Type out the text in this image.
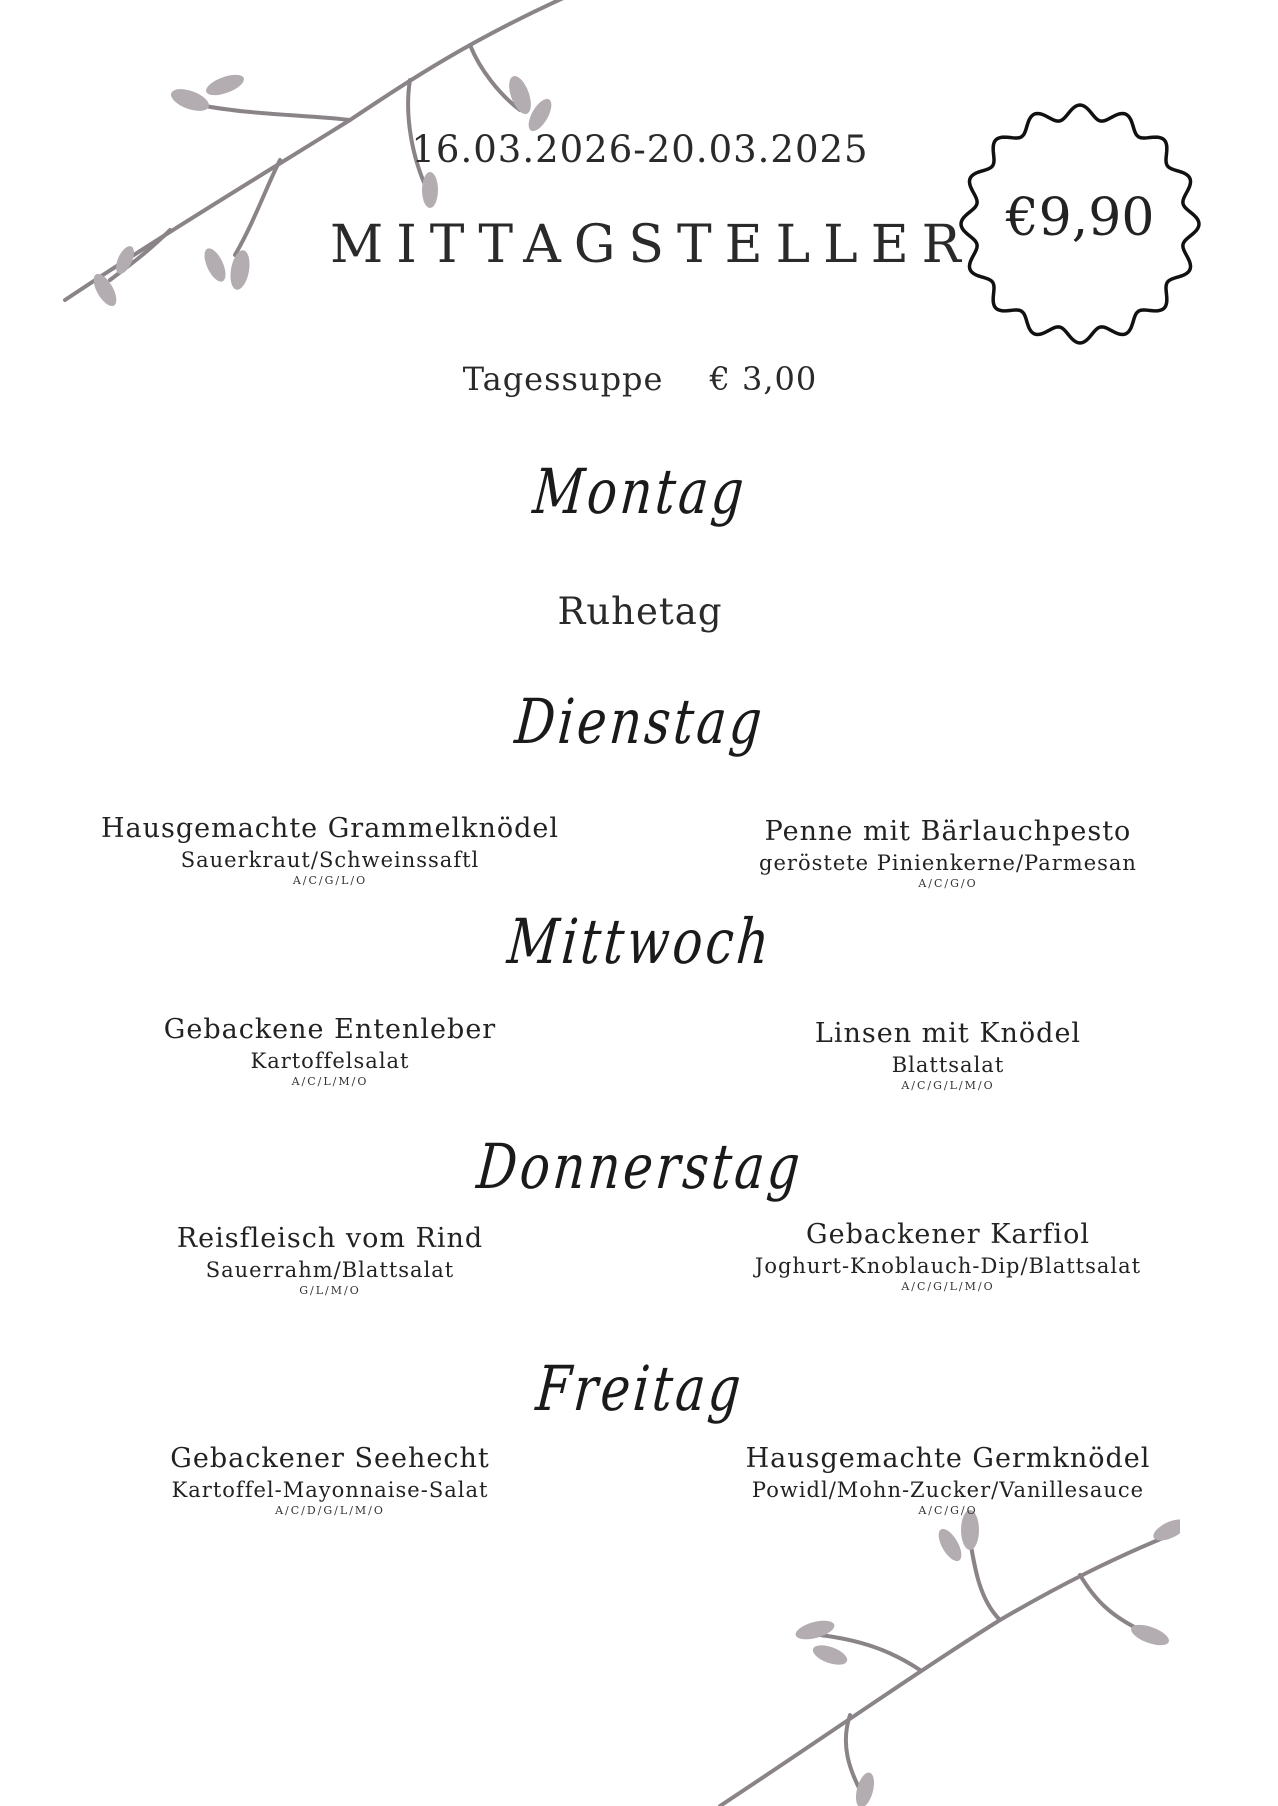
16.03.2026-20.03.2025
MITTAGSTELLER €9,90
Tagessuppe € 3,00
Montag
Ruhetag
Dienstag
Hausgemachte Grammelknödel
Sauerkraut/Schweinssaftl
A/C/G/L/O
Penne mit Bärlauchpesto
geröstete Pinienkerne/Parmesan
A/C/G/O
Mittwoch
Gebackene Entenleber
Kartoffelsalat
A/C/L/M/O
Linsen mit Knödel
Blattsalat
A/C/G/L/M/O
Donnerstag
Reisfleisch vom Rind
Sauerrahm/Blattsalat
G/L/M/O
Gebackener Karfiol
Joghurt-Knoblauch-Dip/Blattsalat
A/C/G/L/M/O
Freitag
Gebackener Seehecht
Kartoffel-Mayonnaise-Salat
A/C/D/G/L/M/O
Hausgemachte Germknödel
Powidl/Mohn-Zucker/Vanillesauce
A/C/G/O
